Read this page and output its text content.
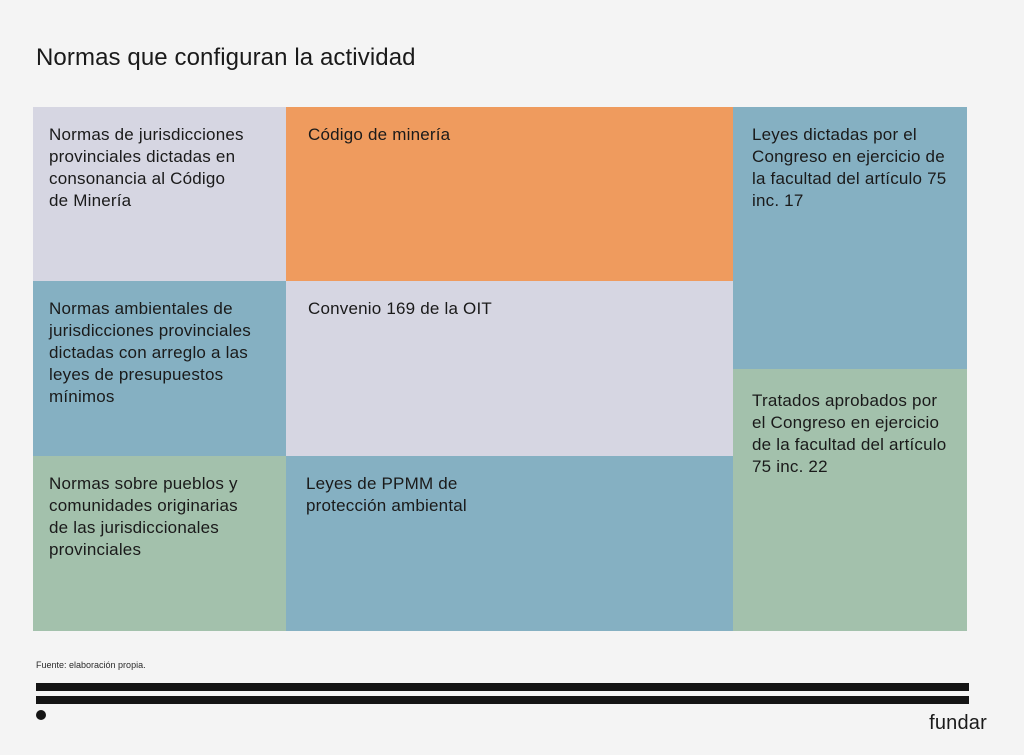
Normas que configuran la actividad
Normas de jurisdicciones provinciales dictadas en consonancia al Código de Minería
Normas ambientales de jurisdicciones provinciales dictadas con arreglo a las leyes de presupuestos mínimos
Normas sobre pueblos y comunidades originarias de las jurisdiccionales provinciales
Código de minería
Convenio 169 de la OIT
Leyes de PPMM de protección ambiental
Leyes dictadas por el Congreso en ejercicio de la facultad del artículo 75 inc. 17
Tratados aprobados por el Congreso en ejercicio de la facultad del artículo 75 inc. 22
Fuente: elaboración propia.
fundar
